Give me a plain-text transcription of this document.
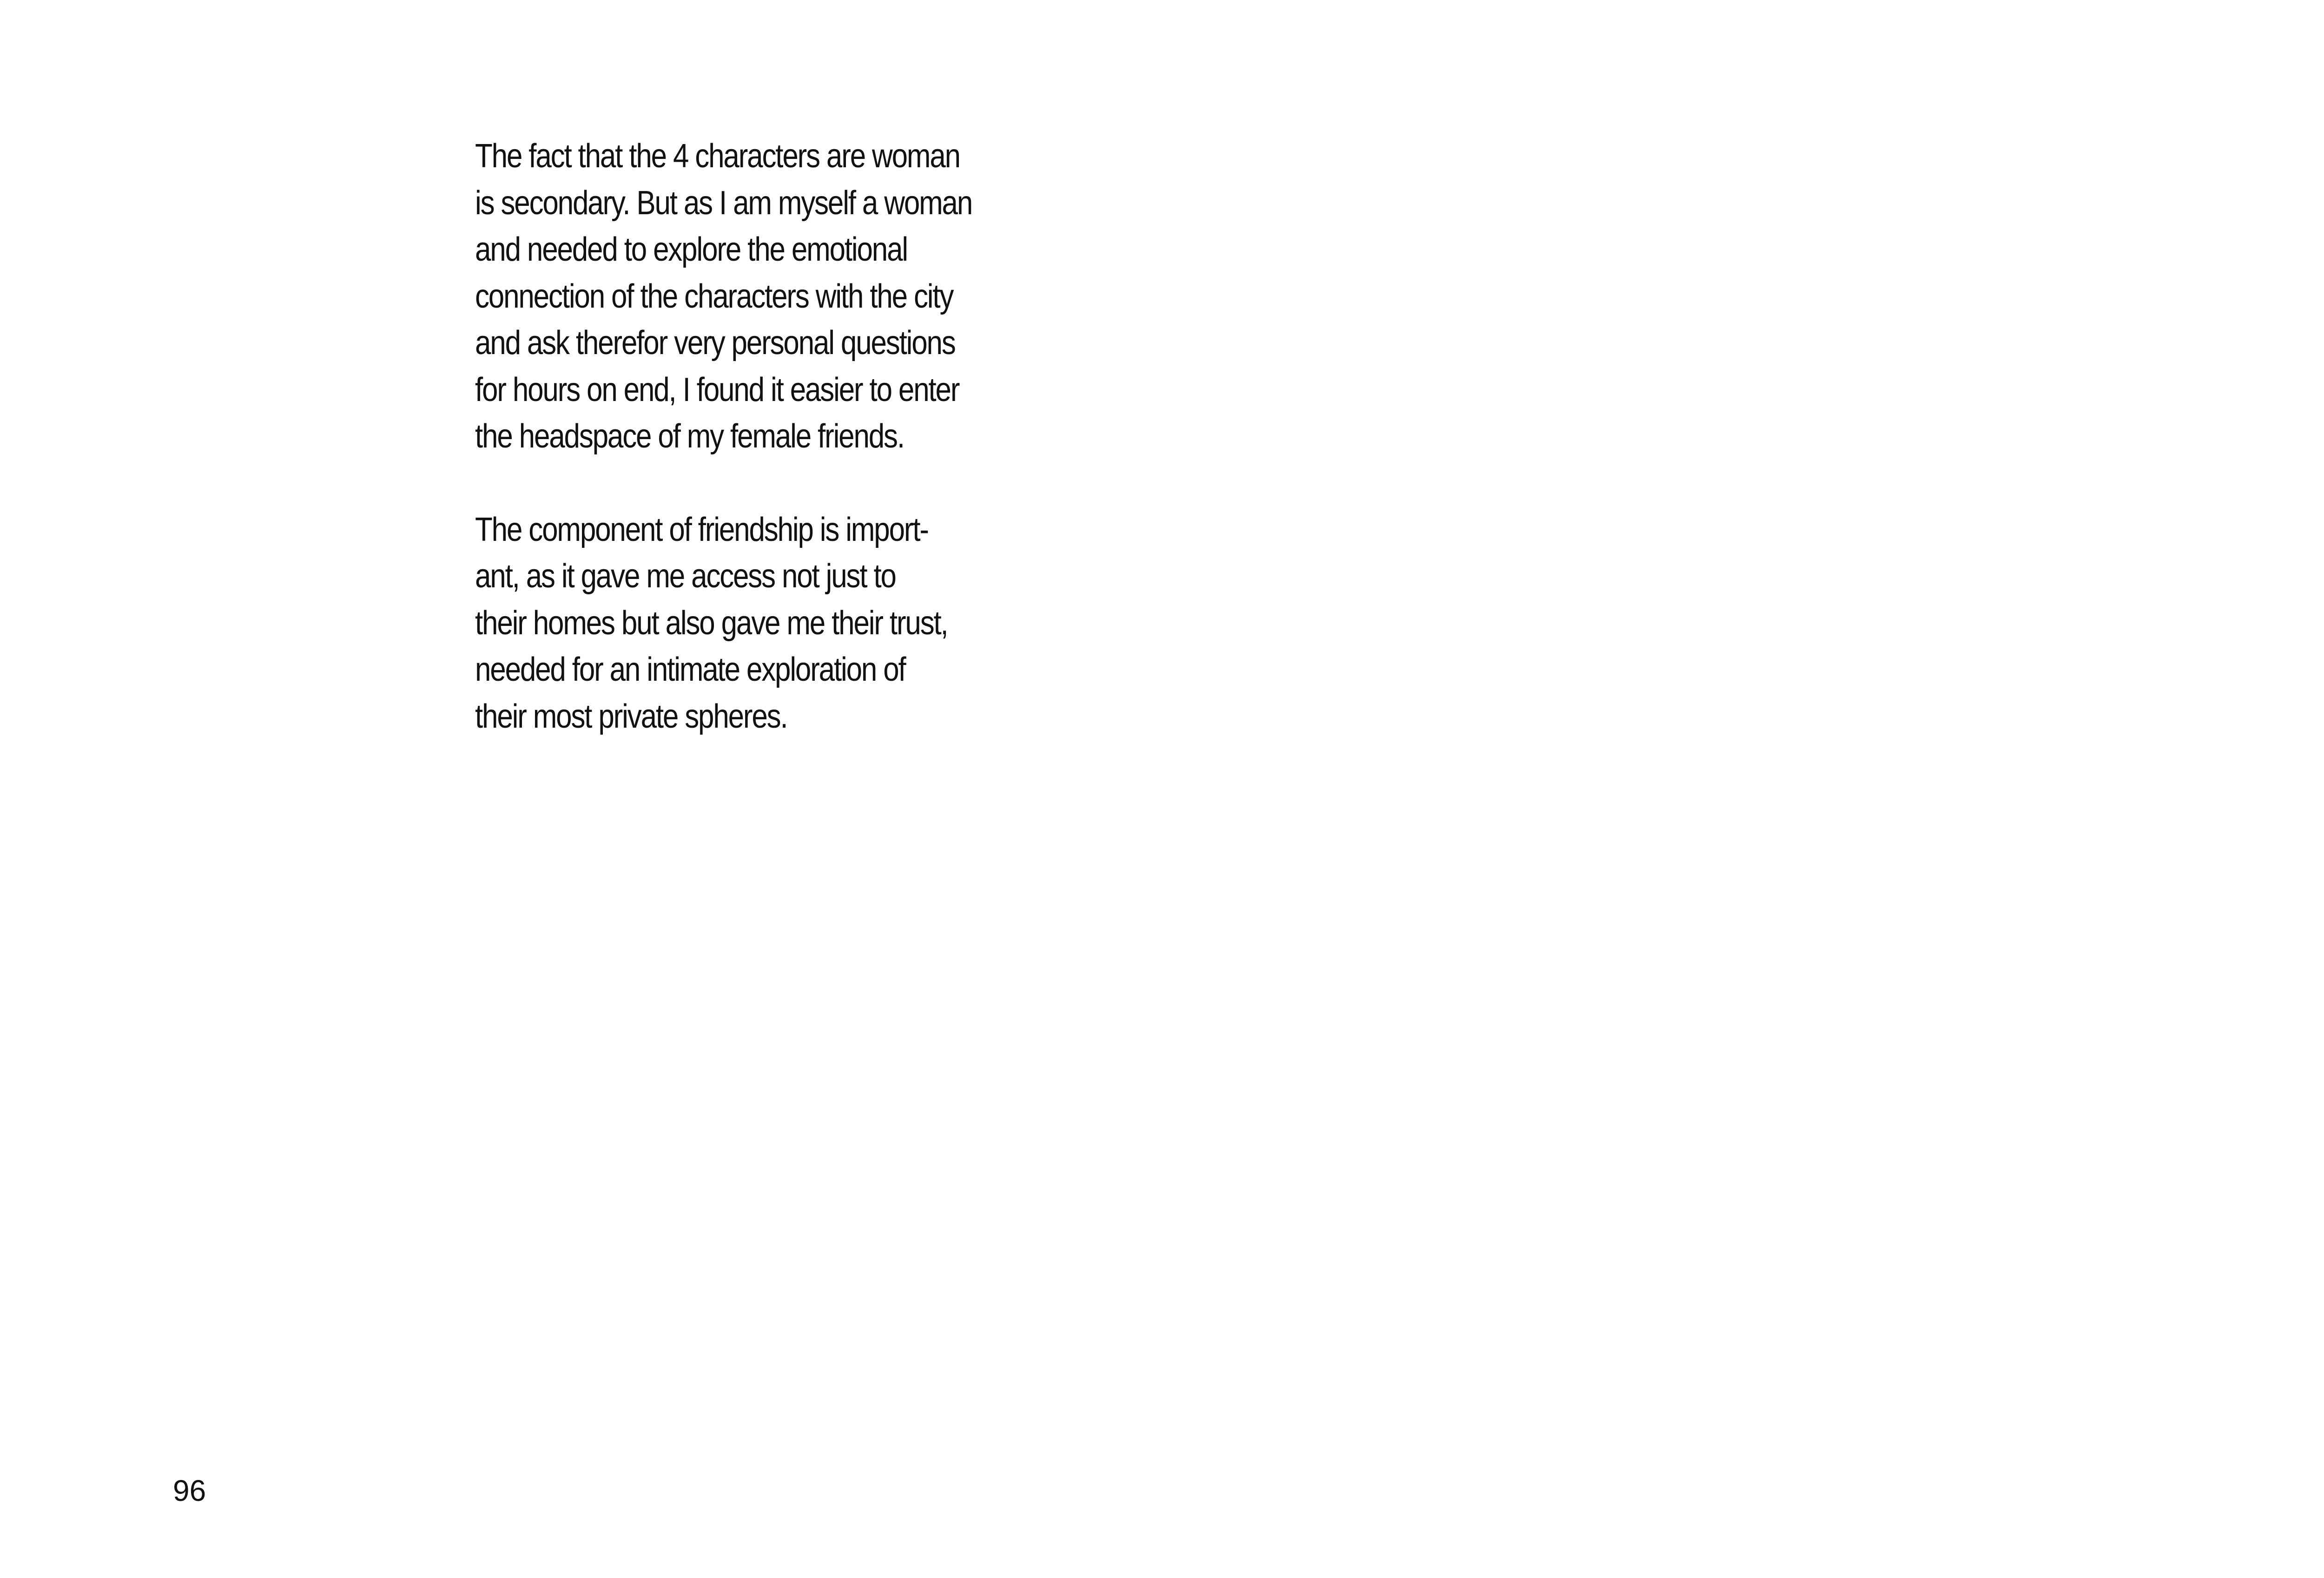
The fact that the 4 characters are woman
is secondary. But as I am myself a woman
and needed to explore the emotional
connection of the characters with the city
and ask therefor very personal questions
for hours on end, I found it easier to enter
the headspace of my female friends.

The component of friendship is import-
ant, as it gave me access not just to
their homes but also gave me their trust,
needed for an intimate exploration of
their most private spheres.

96
